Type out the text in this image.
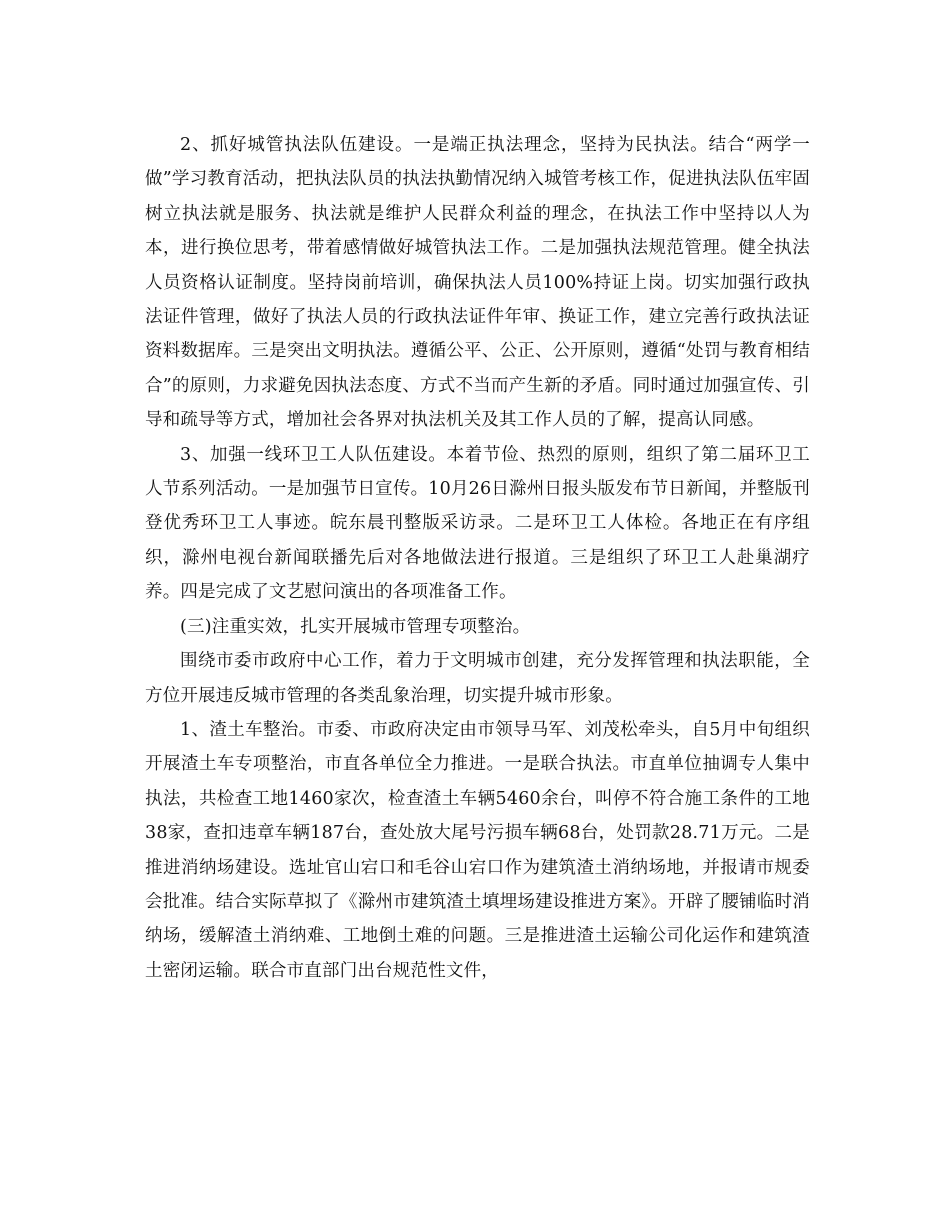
2、抓好城管执法队伍建设。一是端正执法理念，坚持为民执法。结合“两学一做”学习教育活动，把执法队员的执法执勤情况纳入城管考核工作，促进执法队伍牢固树立执法就是服务、执法就是维护人民群众利益的理念，在执法工作中坚持以人为本，进行换位思考，带着感情做好城管执法工作。二是加强执法规范管理。健全执法人员资格认证制度。坚持岗前培训，确保执法人员100%持证上岗。切实加强行政执法证件管理，做好了执法人员的行政执法证件年审、换证工作，建立完善行政执法证资料数据库。三是突出文明执法。遵循公平、公正、公开原则，遵循“处罚与教育相结合”的原则，力求避免因执法态度、方式不当而产生新的矛盾。同时通过加强宣传、引导和疏导等方式，增加社会各界对执法机关及其工作人员的了解，提高认同感。

3、加强一线环卫工人队伍建设。本着节俭、热烈的原则，组织了第二届环卫工人节系列活动。一是加强节日宣传。10月26日滁州日报头版发布节日新闻，并整版刊登优秀环卫工人事迹。皖东晨刊整版采访录。二是环卫工人体检。各地正在有序组织，滁州电视台新闻联播先后对各地做法进行报道。三是组织了环卫工人赴巢湖疗养。四是完成了文艺慰问演出的各项准备工作。

(三)注重实效，扎实开展城市管理专项整治。

围绕市委市政府中心工作，着力于文明城市创建，充分发挥管理和执法职能，全方位开展违反城市管理的各类乱象治理，切实提升城市形象。

1、渣土车整治。市委、市政府决定由市领导马军、刘茂松牵头，自5月中旬组织开展渣土车专项整治，市直各单位全力推进。一是联合执法。市直单位抽调专人集中执法，共检查工地1460家次，检查渣土车辆5460余台，叫停不符合施工条件的工地38家，查扣违章车辆187台，查处放大尾号污损车辆68台，处罚款28.71万元。二是推进消纳场建设。选址官山宕口和毛谷山宕口作为建筑渣土消纳场地，并报请市规委会批准。结合实际草拟了《滁州市建筑渣土填埋场建设推进方案》。开辟了腰铺临时消纳场，缓解渣土消纳难、工地倒土难的问题。三是推进渣土运输公司化运作和建筑渣土密闭运输。联合市直部门出台规范性文件，
